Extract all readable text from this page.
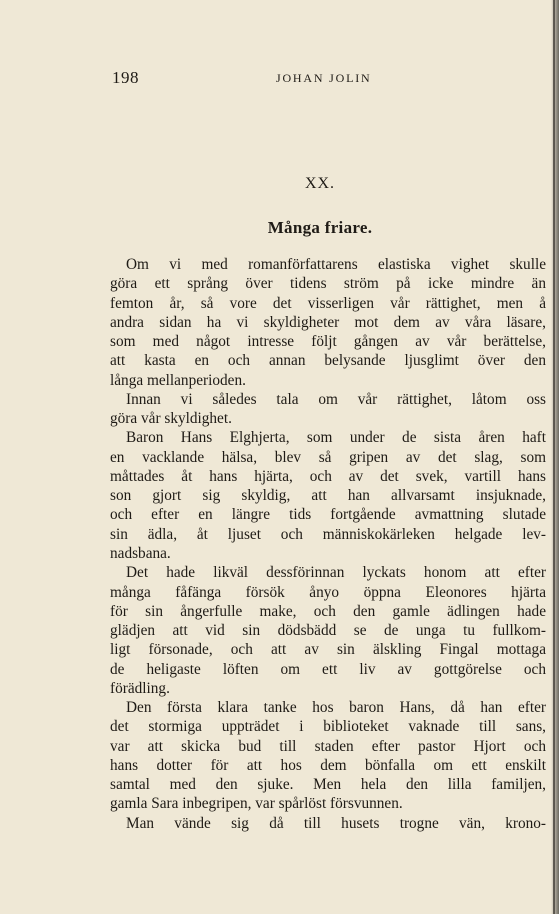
198	JOHAN JOLIN
XX.
Många friare.
Om vi med romanförfattarens elastiska vighet skulle
göra ett språng över tidens ström på icke mindre än
femton år, så vore det visserligen vår rättighet, men å
andra sidan ha vi skyldigheter mot dem av våra läsare,
som med något intresse följt gången av vår berättelse,
att kasta en och annan belysande ljusglimt över den
långa mellanperioden.
Innan vi således tala om vår rättighet, låtom oss
göra vår skyldighet.
Baron Hans Elghjerta, som under de sista åren haft
en vacklande hälsa, blev så gripen av det slag, som
måttades åt hans hjärta, och av det svek, vartill hans
son gjort sig skyldig, att han allvarsamt insjuknade,
och efter en längre tids fortgående avmattning slutade
sin ädla, åt ljuset och människokärleken helgade lev-
nadsbana.
Det hade likväl dessförinnan lyckats honom att efter
många fåfänga försök ånyo öppna Eleonores hjärta
för sin ångerfulle make, och den gamle ädlingen hade
glädjen att vid sin dödsbädd se de unga tu fullkom-
ligt försonade, och att av sin älskling Fingal mottaga
de heligaste löften om ett liv av gottgörelse och
förädling.
Den första klara tanke hos baron Hans, då han efter
det stormiga uppträdet i biblioteket vaknade till sans,
var att skicka bud till staden efter pastor Hjort och
hans dotter för att hos dem bönfalla om ett enskilt
samtal med den sjuke. Men hela den lilla familjen,
gamla Sara inbegripen, var spårlöst försvunnen.
Man vände sig då till husets trogne vän, krono-
